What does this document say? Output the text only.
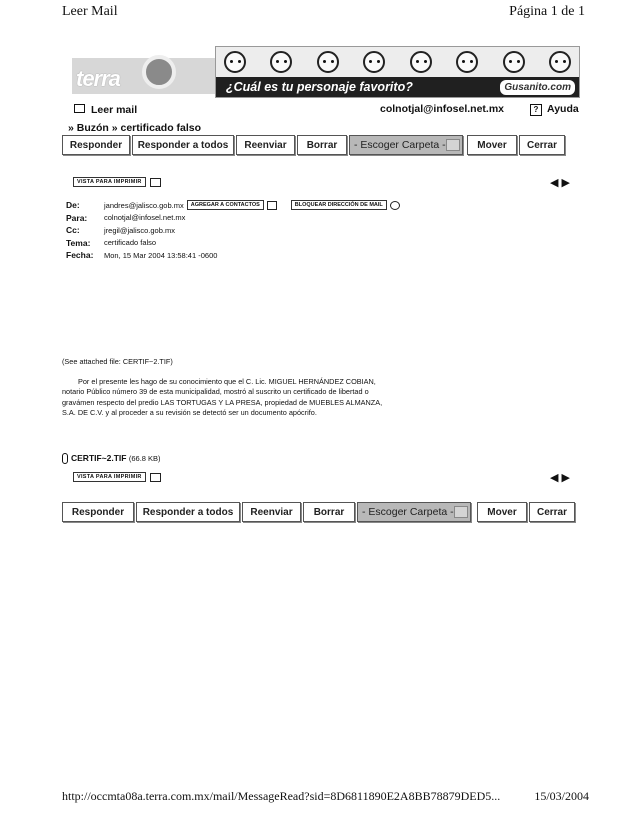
Leer Mail	Página 1 de 1
terra	¿Cuál es tu personaje favorito?	Gusanito.com
Leer mail	colnotjal@infosel.net.mx	? Ayuda
» Buzón » certificado falso
Responder	Responder a todos	Reenviar	Borrar	- Escoger Carpeta -	Mover	Cerrar
VISTA PARA IMPRIMIR	◀ ▶
De:	jandres@jalisco.gob.mx	AGREGAR A CONTACTOS	BLOQUEAR DIRECCIÓN DE MAIL
Para:	colnotjal@infosel.net.mx
Cc:	jregil@jalisco.gob.mx
Tema:	certificado falso
Fecha:	Mon, 15 Mar 2004 13:58:41 -0600
(See attached file: CERTIF~2.TIF)
Por el presente les hago de su conocimiento que el C. Lic. MIGUEL HERNÁNDEZ COBIAN, notario Público número 39 de esta municipalidad, mostró al suscrito un certificado de libertad o gravámen respecto del predio LAS TORTUGAS Y LA PRESA, propiedad de MUEBLES ALMANZA, S.A. DE C.V. y al proceder a su revisión se detectó ser un documento apócrifo.
CERTIF~2.TIF (66.8 KB)
VISTA PARA IMPRIMIR	◀ ▶
Responder	Responder a todos	Reenviar	Borrar	- Escoger Carpeta -	Mover	Cerrar
http://occmta08a.terra.com.mx/mail/MessageRead?sid=8D6811890E2A8BB78879DED5...	15/03/2004
